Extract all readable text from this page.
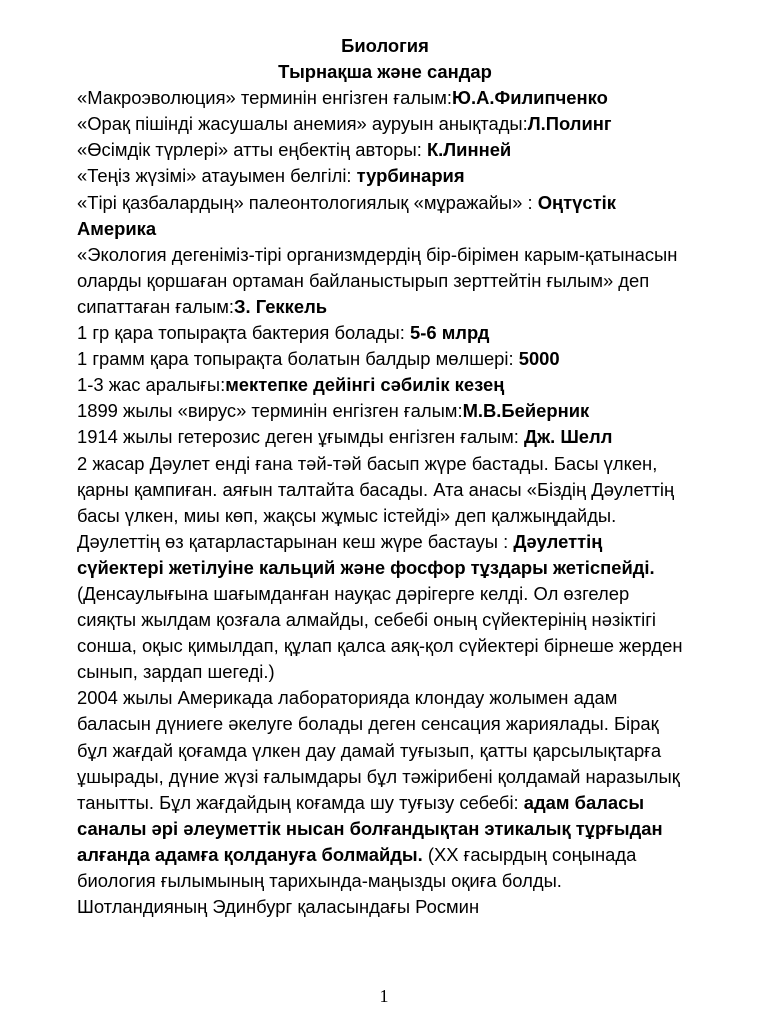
Биология

Тырнақша және сандар

«Макроэволюция» терминін енгізген ғалым:Ю.А.Филипченко

«Орақ пішінді жасушалы анемия» ауруын анықтады:Л.Полинг

«Өсімдік түрлері» атты еңбектің авторы: К.Линней

«Теңіз жүзімі» атауымен белгілі: турбинария

«Тірі қазбалардың» палеонтологиялық «мұражайы» : Оңтүстік Америка

«Экология дегеніміз-тірі организмдердің бір-бірімен карым-қатынасын оларды қоршаған ортаман байланыстырып зерттейтін ғылым» деп сипаттаған ғалым:З. Геккель

1 гр қара топырақта бактерия болады: 5-6 млрд

1 грамм қара топырақта болатын балдыр мөлшері: 5000

1-3 жас аралығы:мектепке дейінгі сәбилік кезең

1899 жылы «вирус» терминін енгізген ғалым:М.В.Бейерник

1914 жылы гетерозис деген ұғымды енгізген ғалым: Дж. Шелл

2 жасар Дәулет енді ғана тәй-тәй басып жүре бастады. Басы үлкен, қарны қампиған. аяғын талтайта басады. Ата анасы «Біздің Дәулеттің басы үлкен, миы көп, жақсы жұмыс істейді» деп қалжыңдайды. Дәулеттің өз қатарластарынан кеш жүре бастауы : Дәулеттің сүйектері жетілуіне кальций және фосфор тұздары жетіспейді. (Денсаулығына шағымданған науқас дәрігерге келді. Ол өзгелер сияқты жылдам қозғала алмайды, себебі оның сүйектерінің нәзіктігі сонша, оқыс қимылдап, құлап қалса аяқ-қол сүйектері бірнеше жерден сынып, зардап шегеді.)

2004 жылы Америкада лабораторияда клондау жолымен адам баласын дүниеге әкелуге болады деген сенсация жариялады. Бірақ бұл жағдай қоғамда үлкен дау дамай туғызып, қатты қарсылықтарға ұшырады, дүние жүзі ғалымдары бұл тәжірибені қолдамай наразылық танытты. Бұл жағдайдың коғамда шу туғызу себебі: адам баласы саналы әрі әлеуметтік нысан болғандықтан этикалық тұрғыдан алғанда адамға қолдануға болмайды. (XX ғасырдың соңынада биология ғылымының тарихында-маңызды оқиға болды. Шотландияның Эдинбург қаласындағы Росмин

1
